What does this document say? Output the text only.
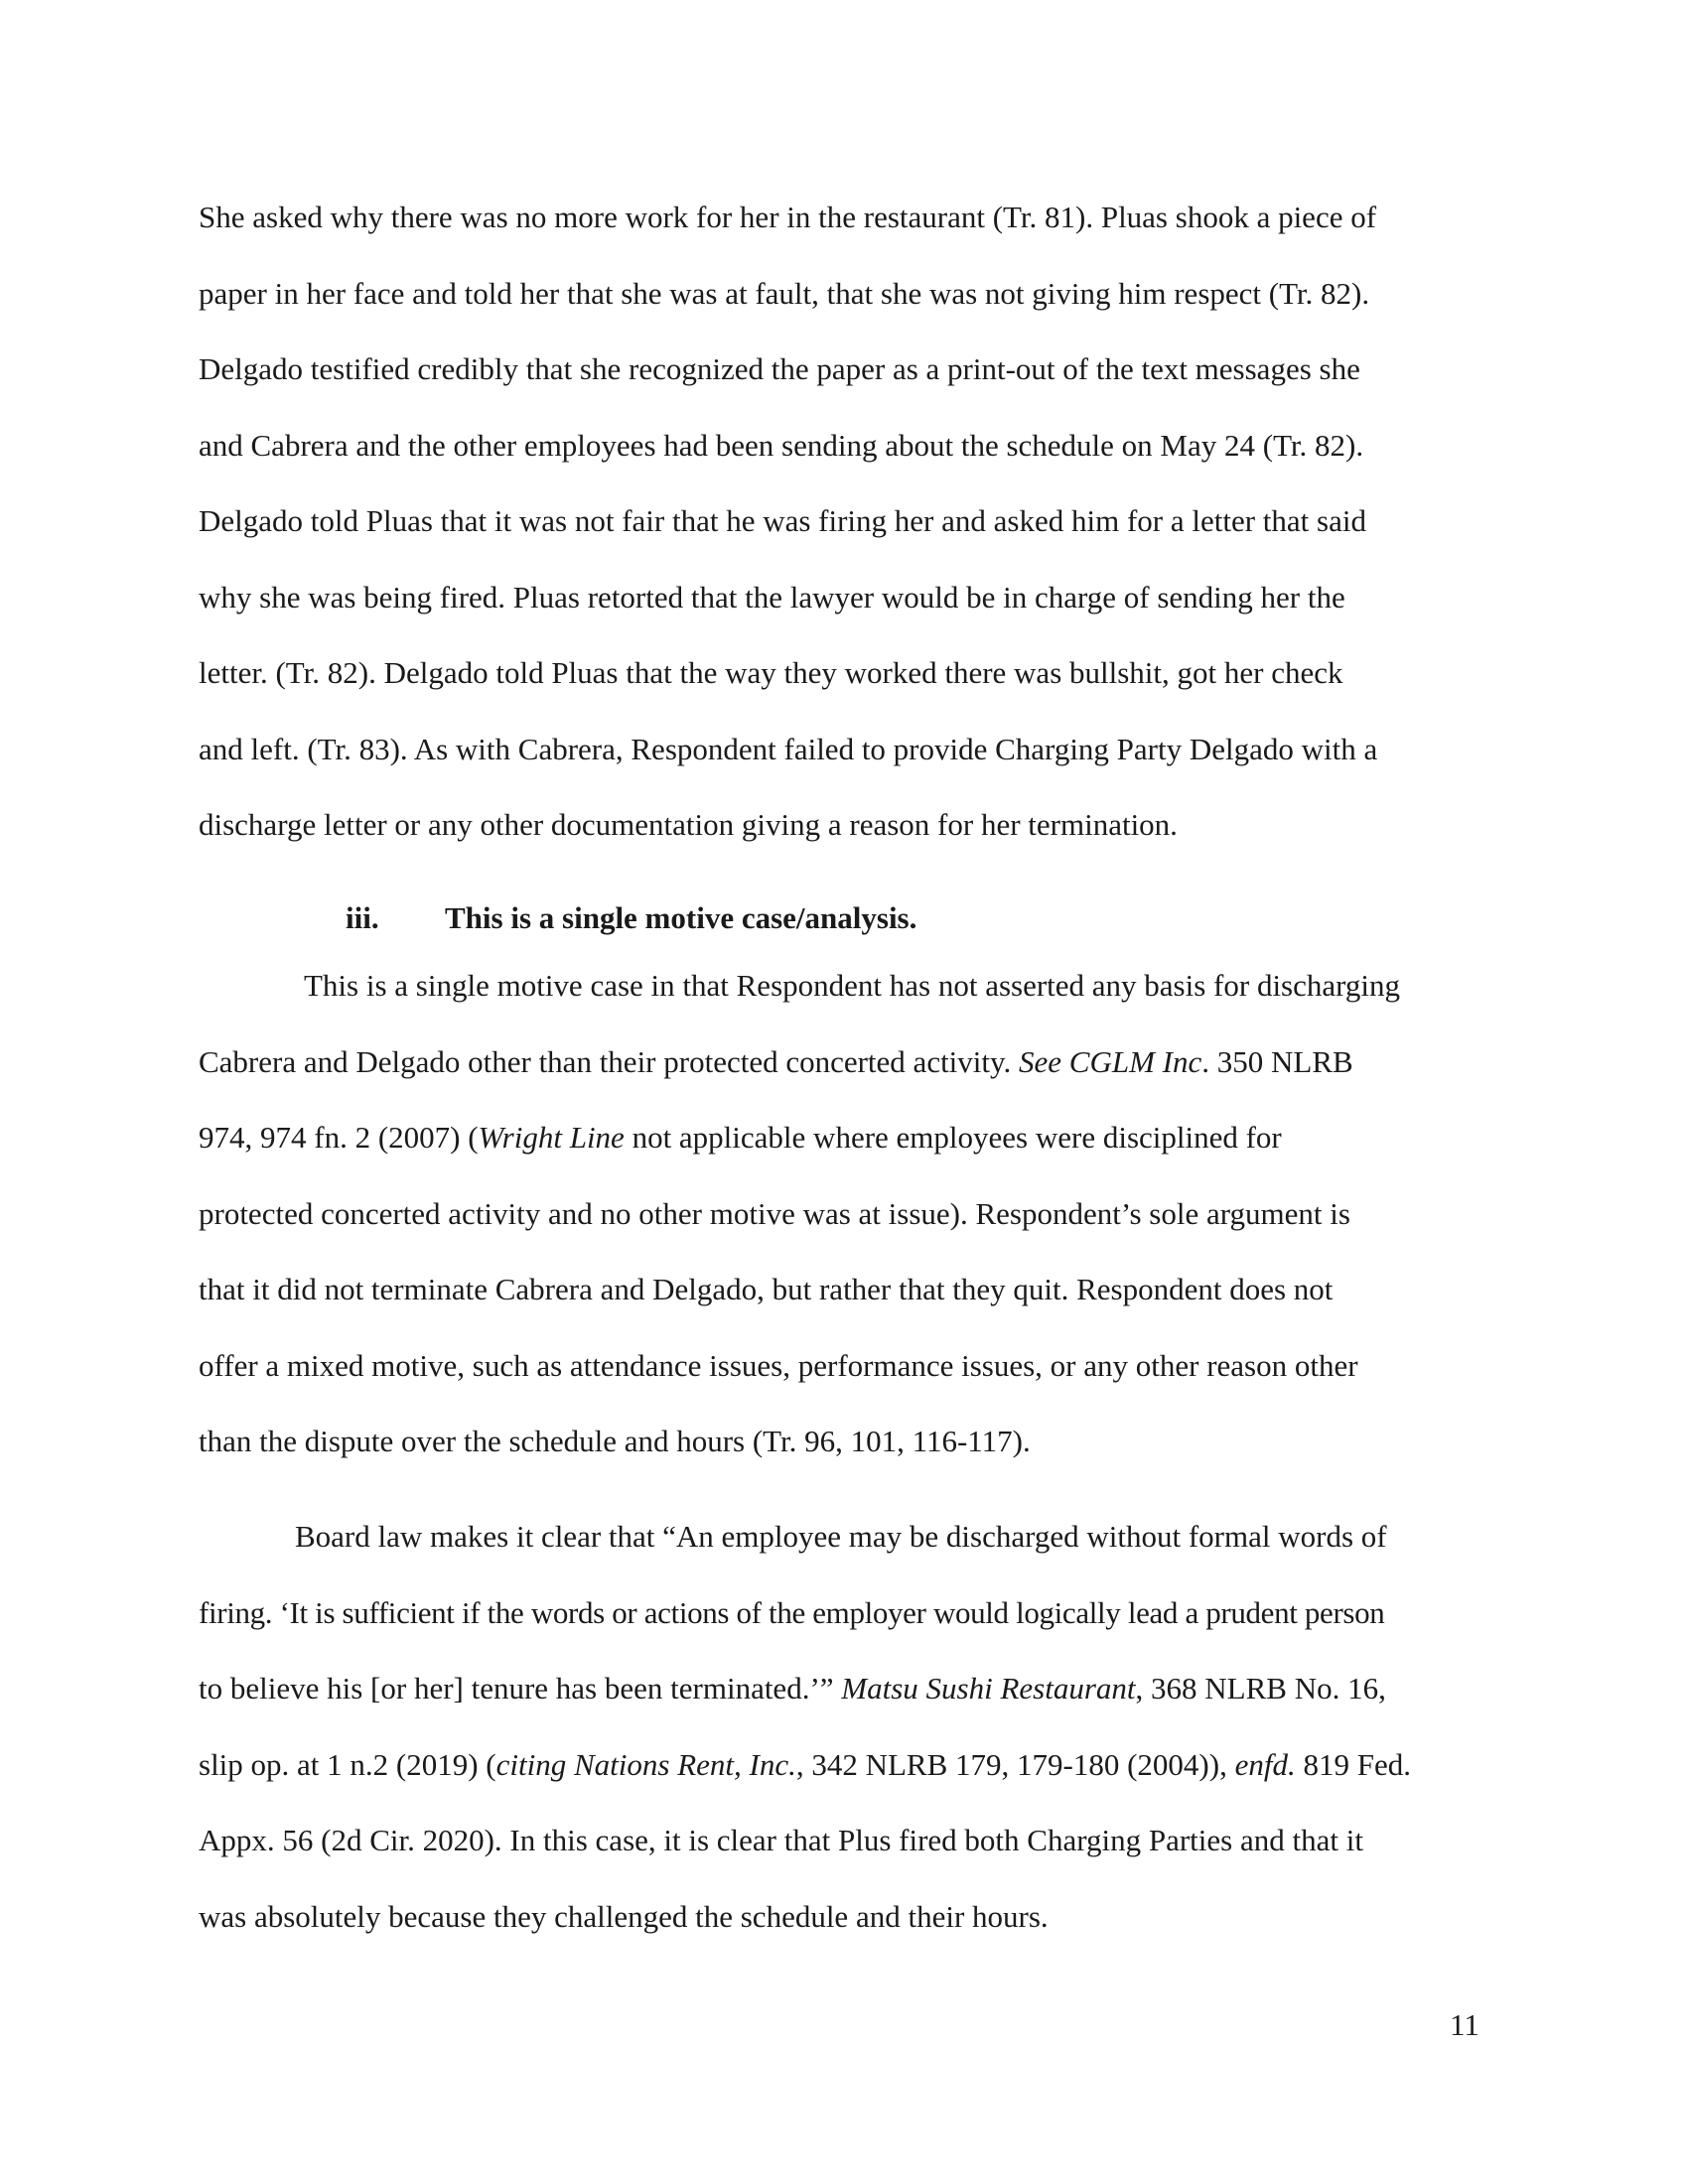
She asked why there was no more work for her in the restaurant (Tr. 81). Pluas shook a piece of
paper in her face and told her that she was at fault, that she was not giving him respect (Tr. 82).
Delgado testified credibly that she recognized the paper as a print-out of the text messages she
and Cabrera and the other employees had been sending about the schedule on May 24 (Tr. 82).
Delgado told Pluas that it was not fair that he was firing her and asked him for a letter that said
why she was being fired. Pluas retorted that the lawyer would be in charge of sending her the
letter. (Tr. 82). Delgado told Pluas that the way they worked there was bullshit, got her check
and left. (Tr. 83). As with Cabrera, Respondent failed to provide Charging Party Delgado with a
discharge letter or any other documentation giving a reason for her termination.
iii. This is a single motive case/analysis.
This is a single motive case in that Respondent has not asserted any basis for discharging
Cabrera and Delgado other than their protected concerted activity. See CGLM Inc. 350 NLRB
974, 974 fn. 2 (2007) (Wright Line not applicable where employees were disciplined for
protected concerted activity and no other motive was at issue). Respondent’s sole argument is
that it did not terminate Cabrera and Delgado, but rather that they quit. Respondent does not
offer a mixed motive, such as attendance issues, performance issues, or any other reason other
than the dispute over the schedule and hours (Tr. 96, 101, 116-117).
Board law makes it clear that “An employee may be discharged without formal words of
firing. ‘It is sufficient if the words or actions of the employer would logically lead a prudent person
to believe his [or her] tenure has been terminated.’” Matsu Sushi Restaurant, 368 NLRB No. 16,
slip op. at 1 n.2 (2019) (citing Nations Rent, Inc., 342 NLRB 179, 179-180 (2004)), enfd. 819 Fed.
Appx. 56 (2d Cir. 2020). In this case, it is clear that Plus fired both Charging Parties and that it
was absolutely because they challenged the schedule and their hours.
11
